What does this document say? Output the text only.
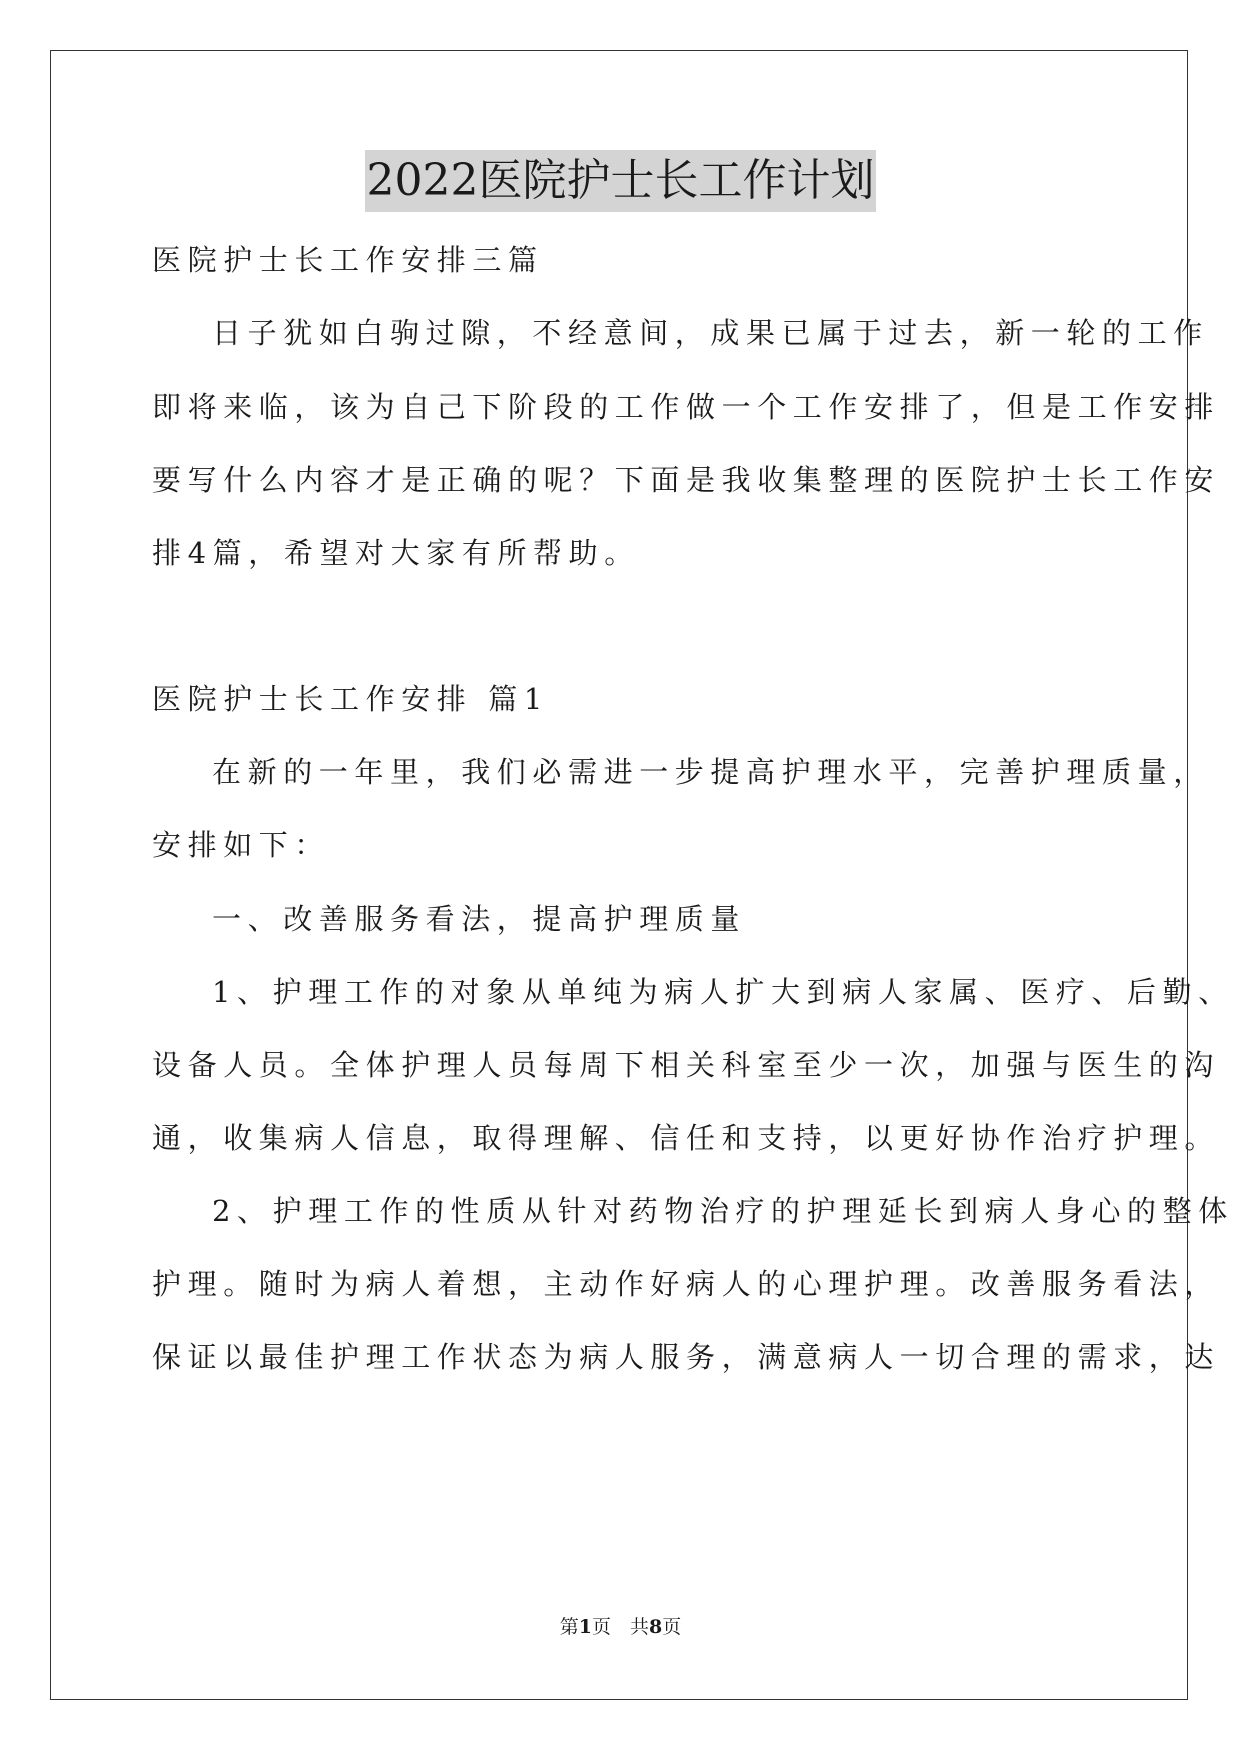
2022医院护士长工作计划
医院护士长工作安排三篇
日子犹如白驹过隙，不经意间，成果已属于过去，新一轮的工作
即将来临，该为自己下阶段的工作做一个工作安排了，但是工作安排
要写什么内容才是正确的呢？下面是我收集整理的医院护士长工作安
排4篇，希望对大家有所帮助。
医院护士长工作安排 篇1
在新的一年里，我们必需进一步提高护理水平，完善护理质量，
安排如下：
一、改善服务看法，提高护理质量
1、护理工作的对象从单纯为病人扩大到病人家属、医疗、后勤、
设备人员。全体护理人员每周下相关科室至少一次，加强与医生的沟
通，收集病人信息，取得理解、信任和支持，以更好协作治疗护理。
2、护理工作的性质从针对药物治疗的护理延长到病人身心的整体
护理。随时为病人着想，主动作好病人的心理护理。改善服务看法，
保证以最佳护理工作状态为病人服务，满意病人一切合理的需求，达
第1页　共8页
